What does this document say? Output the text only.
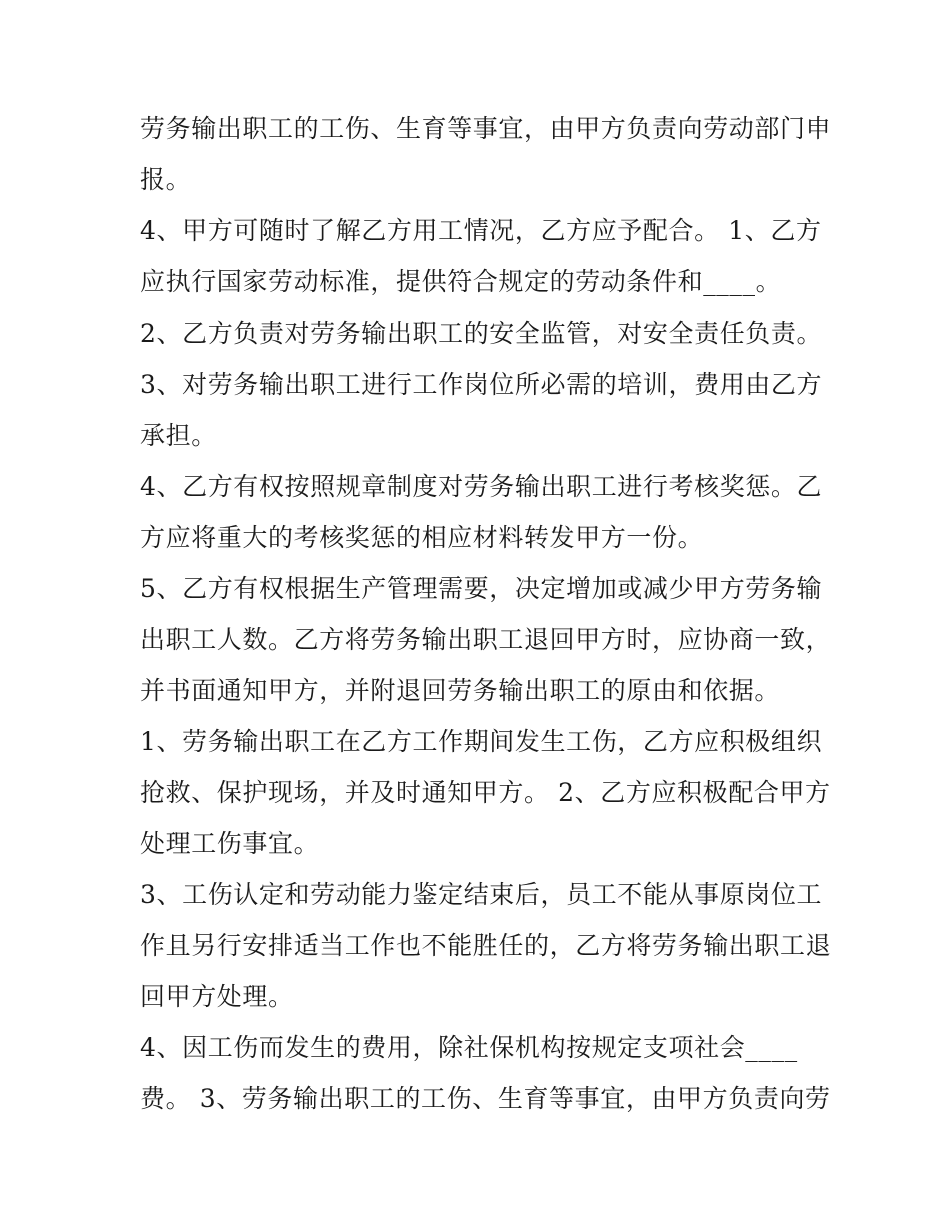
劳务输出职工的工伤、生育等事宜，由甲方负责向劳动部门申
报。
4、甲方可随时了解乙方用工情况，乙方应予配合。 1、乙方
应执行国家劳动标准，提供符合规定的劳动条件和____。
2、乙方负责对劳务输出职工的安全监管，对安全责任负责。
3、对劳务输出职工进行工作岗位所必需的培训，费用由乙方
承担。
4、乙方有权按照规章制度对劳务输出职工进行考核奖惩。乙
方应将重大的考核奖惩的相应材料转发甲方一份。
5、乙方有权根据生产管理需要，决定增加或减少甲方劳务输
出职工人数。乙方将劳务输出职工退回甲方时，应协商一致，
并书面通知甲方，并附退回劳务输出职工的原由和依据。
1、劳务输出职工在乙方工作期间发生工伤，乙方应积极组织
抢救、保护现场，并及时通知甲方。 2、乙方应积极配合甲方
处理工伤事宜。
3、工伤认定和劳动能力鉴定结束后，员工不能从事原岗位工
作且另行安排适当工作也不能胜任的，乙方将劳务输出职工退
回甲方处理。
4、因工伤而发生的费用，除社保机构按规定支项社会____
费。 3、劳务输出职工的工伤、生育等事宜，由甲方负责向劳
